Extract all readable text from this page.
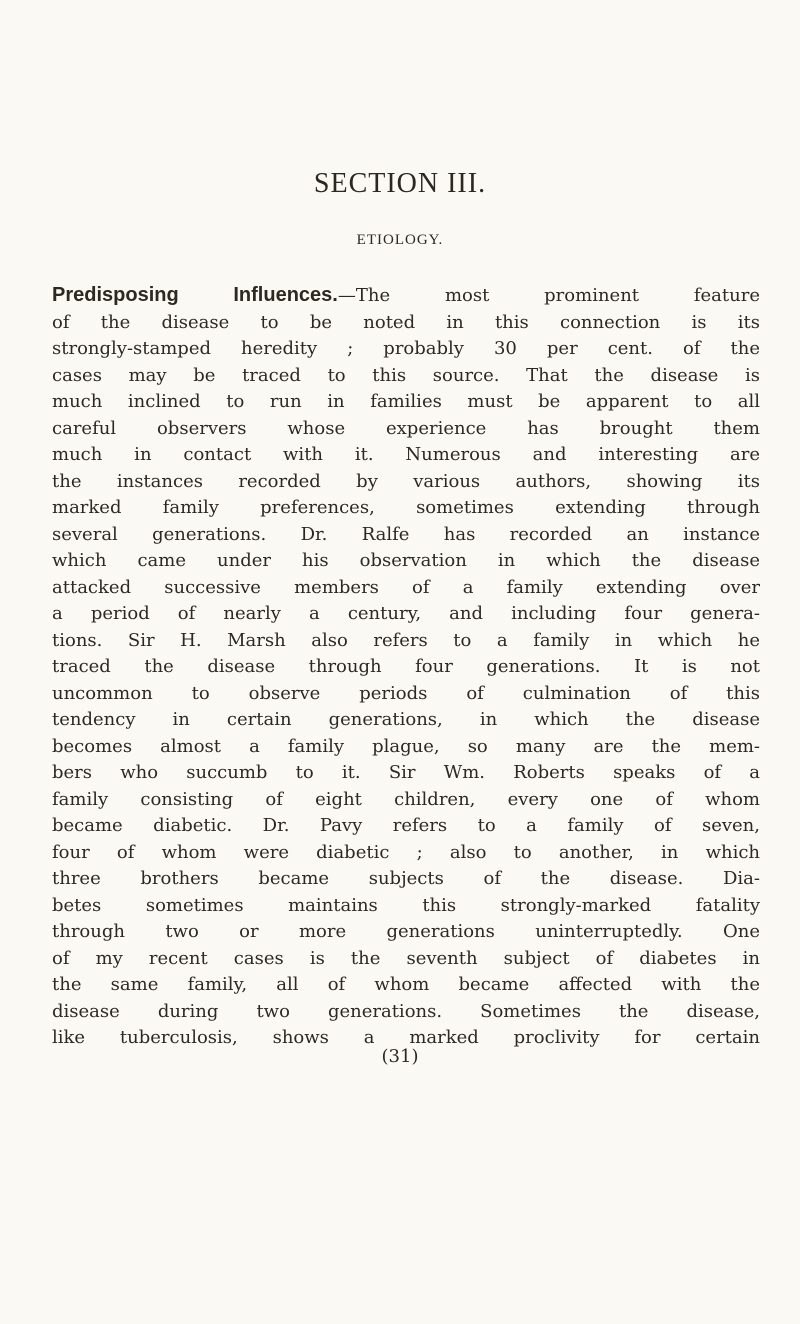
SECTION III.
ETIOLOGY.
Predisposing Influences.—The most prominent feature
of the disease to be noted in this connection is its
strongly-stamped heredity ; probably 30 per cent. of the
cases may be traced to this source. That the disease is
much inclined to run in families must be apparent to all
careful observers whose experience has brought them
much in contact with it. Numerous and interesting are
the instances recorded by various authors, showing its
marked family preferences, sometimes extending through
several generations. Dr. Ralfe has recorded an instance
which came under his observation in which the disease
attacked successive members of a family extending over
a period of nearly a century, and including four genera-
tions. Sir H. Marsh also refers to a family in which he
traced the disease through four generations. It is not
uncommon to observe periods of culmination of this
tendency in certain generations, in which the disease
becomes almost a family plague, so many are the mem-
bers who succumb to it. Sir Wm. Roberts speaks of a
family consisting of eight children, every one of whom
became diabetic. Dr. Pavy refers to a family of seven,
four of whom were diabetic ; also to another, in which
three brothers became subjects of the disease. Dia-
betes sometimes maintains this strongly-marked fatality
through two or more generations uninterruptedly. One
of my recent cases is the seventh subject of diabetes in
the same family, all of whom became affected with the
disease during two generations. Sometimes the disease,
like tuberculosis, shows a marked proclivity for certain
(31)
